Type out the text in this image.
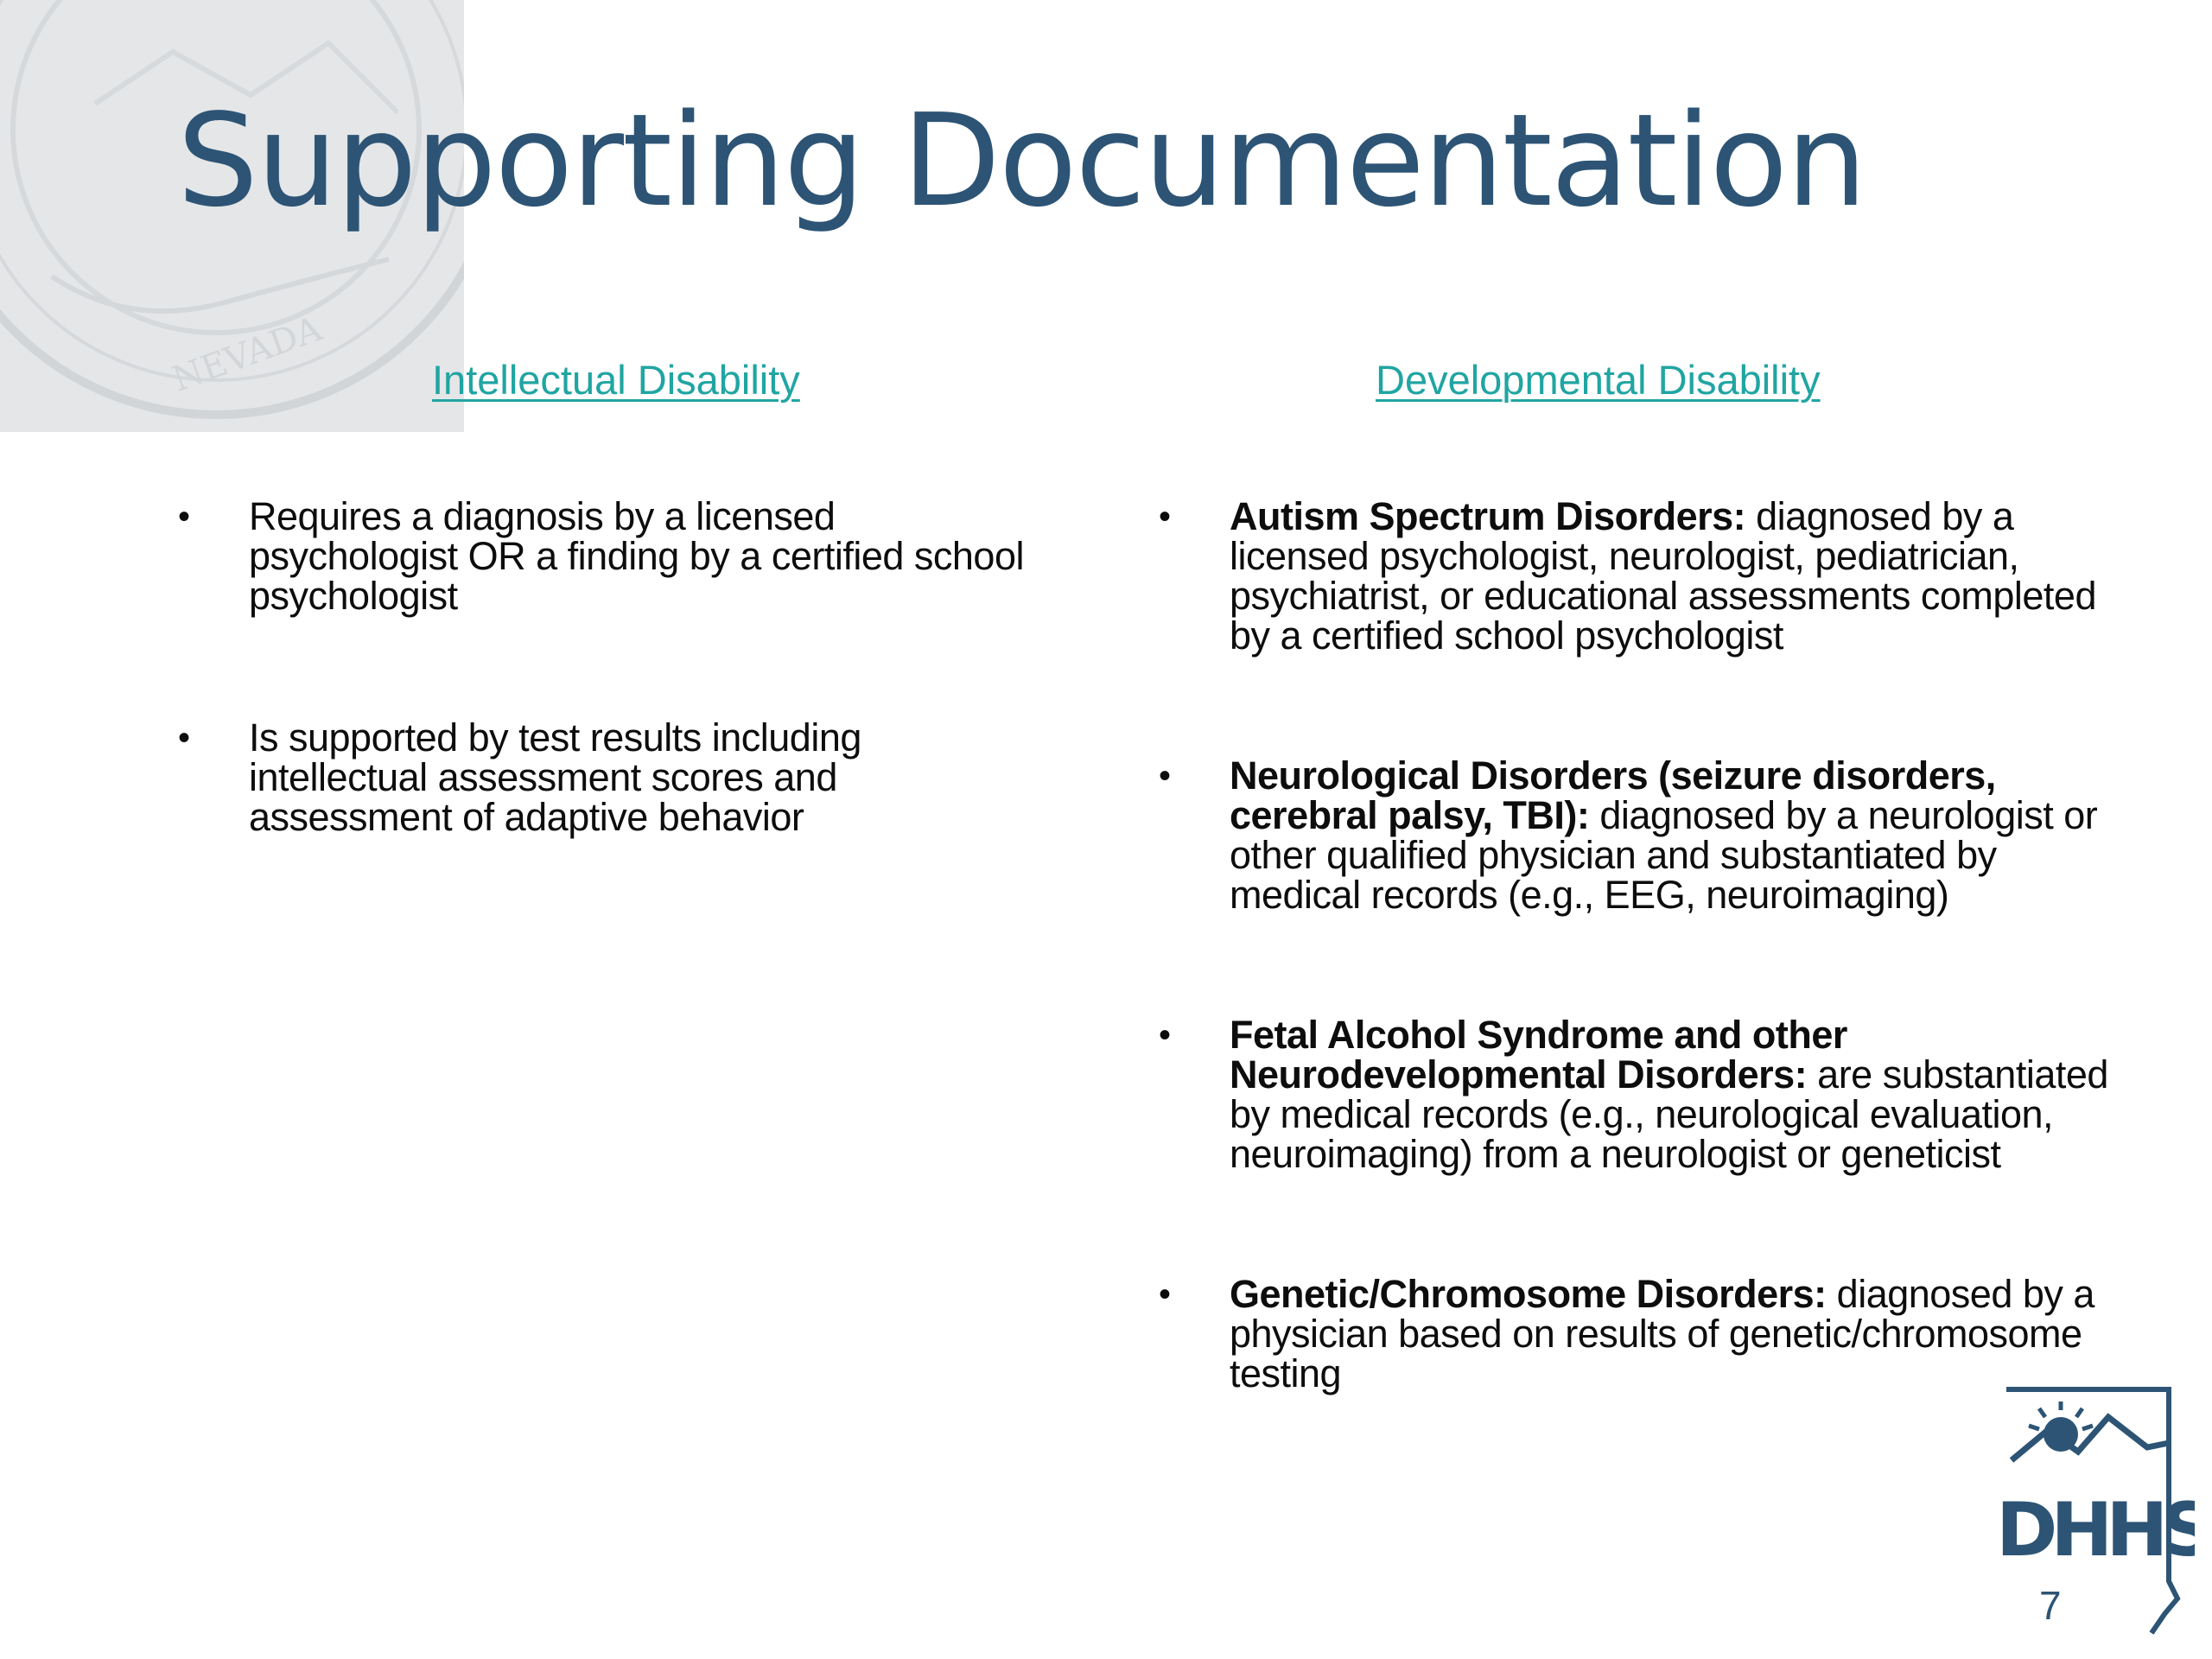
NEVADA
Supporting Documentation
Intellectual Disability	Developmental Disability
• Requires a diagnosis by a licensed psychologist OR a finding by a certified school psychologist
• Is supported by test results including intellectual assessment scores and assessment of adaptive behavior
• Autism Spectrum Disorders: diagnosed by a licensed psychologist, neurologist, pediatrician, psychiatrist, or educational assessments completed by a certified school psychologist
• Neurological Disorders (seizure disorders, cerebral palsy, TBI): diagnosed by a neurologist or other qualified physician and substantiated by medical records (e.g., EEG, neuroimaging)
• Fetal Alcohol Syndrome and other Neurodevelopmental Disorders: are substantiated by medical records (e.g., neurological evaluation, neuroimaging) from a neurologist or geneticist
• Genetic/Chromosome Disorders: diagnosed by a physician based on results of genetic/chromosome testing
DHHS
7
